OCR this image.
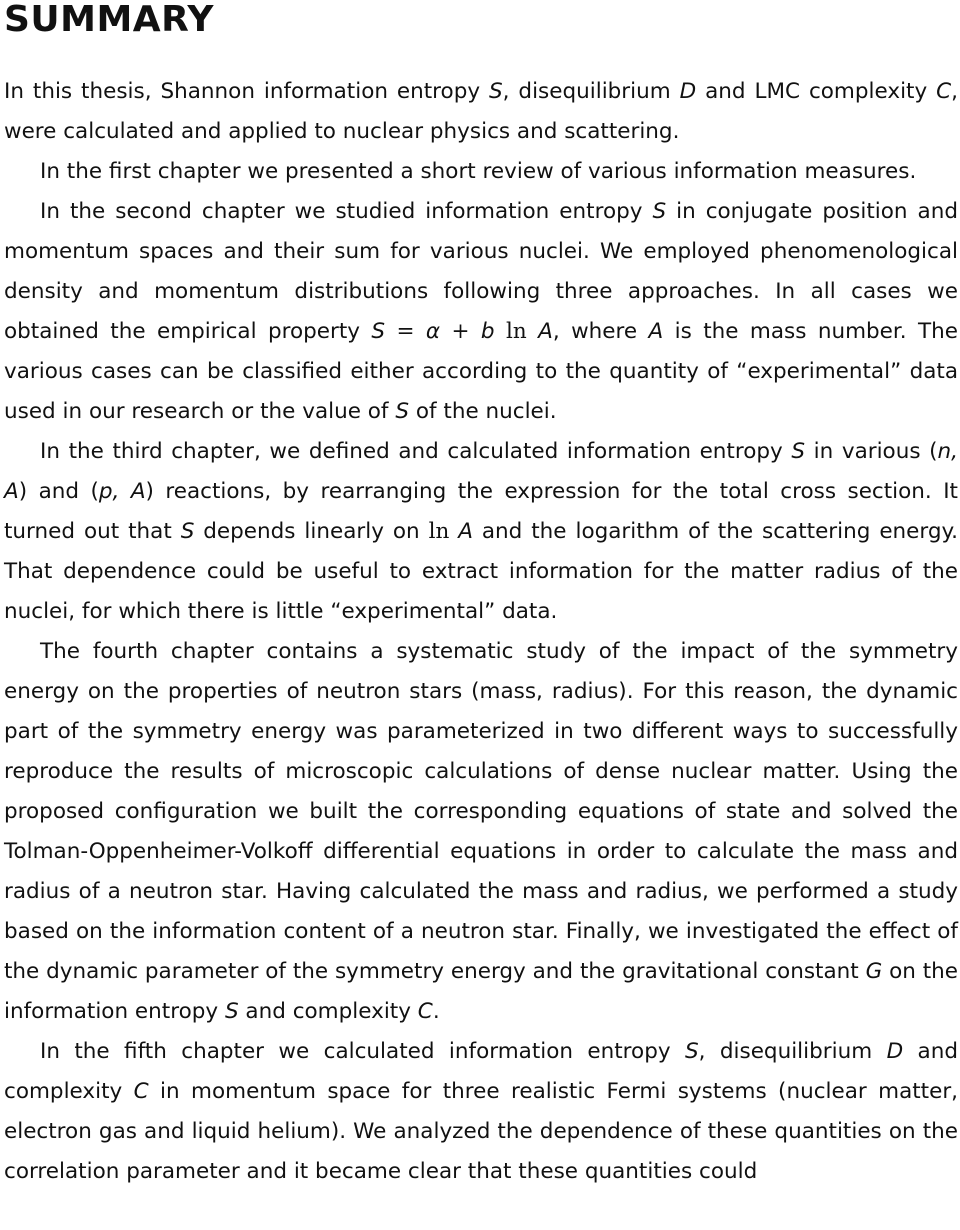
SUMMARY

In this thesis, Shannon information entropy S, disequilibrium D and LMC complexity C, were calculated and applied to nuclear physics and scattering.

In the first chapter we presented a short review of various information measures.

In the second chapter we studied information entropy S in conjugate position and momentum spaces and their sum for various nuclei. We employed phenomenological density and momentum distributions following three approaches. In all cases we obtained the empirical property S = α + b ln A, where A is the mass number. The various cases can be classified either according to the quantity of “experimental” data used in our research or the value of S of the nuclei.

In the third chapter, we defined and calculated information entropy S in various (n, A) and (p, A) reactions, by rearranging the expression for the total cross section. It turned out that S depends linearly on ln A and the logarithm of the scattering energy. That dependence could be useful to extract information for the matter radius of the nuclei, for which there is little “experimental” data.

The fourth chapter contains a systematic study of the impact of the symmetry energy on the properties of neutron stars (mass, radius). For this reason, the dynamic part of the symmetry energy was parameterized in two different ways to successfully reproduce the results of microscopic calculations of dense nuclear matter. Using the proposed configuration we built the corresponding equations of state and solved the Tolman-Oppenheimer-Volkoff differential equations in order to calculate the mass and radius of a neutron star. Having calculated the mass and radius, we performed a study based on the information content of a neutron star. Finally, we investigated the effect of the dynamic parameter of the symmetry energy and the gravitational constant G on the information entropy S and complexity C.

In the fifth chapter we calculated information entropy S, disequilibrium D and complexity C in momentum space for three realistic Fermi systems (nuclear matter, electron gas and liquid helium). We analyzed the dependence of these quantities on the correlation parameter and it became clear that these quantities could
